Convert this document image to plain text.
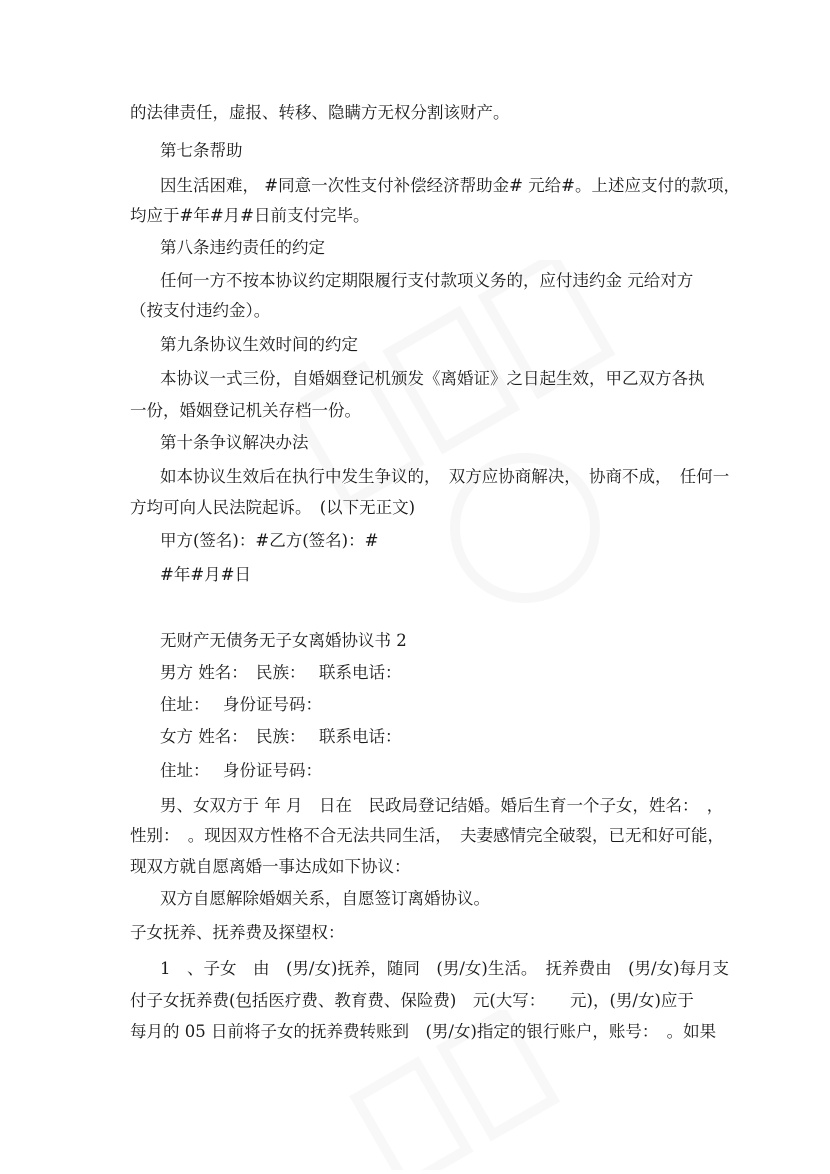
的法律责任，虚报、转移、隐瞒方无权分割该财产。
第七条帮助
因生活困难， #同意一次性支付补偿经济帮助金# 元给#。上述应支付的款项，
均应于#年#月#日前支付完毕。
第八条违约责任的约定
任何一方不按本协议约定期限履行支付款项义务的，应付违约金 元给对方
（按支付违约金）。
第九条协议生效时间的约定
本协议一式三份，自婚姻登记机颁发《离婚证》之日起生效，甲乙双方各执
一份，婚姻登记机关存档一份。
第十条争议解决办法
如本协议生效后在执行中发生争议的，　双方应协商解决，　协商不成，　任何一
方均可向人民法院起诉。　(以下无正文)
甲方(签名)：#乙方(签名)：#
#年#月#日
无财产无债务无子女离婚协议书 2
男方 姓名：　民族：　 联系电话：
住址：　 身份证号码：
女方 姓名：　民族：　 联系电话：
住址：　 身份证号码：
男、女双方于 年 月　日在　民政局登记结婚。婚后生育一个子女，姓名：　，
性别：　。现因双方性格不合无法共同生活，　夫妻感情完全破裂，已无和好可能，
现双方就自愿离婚一事达成如下协议：
双方自愿解除婚姻关系，自愿签订离婚协议。
子女抚养、抚养费及探望权：
1　、子女　由　(男/女)抚养，随同　(男/女)生活。　抚养费由　(男/女)每月支
付子女抚养费(包括医疗费、教育费、保险费)　元(大写：　　元)，(男/女)应于
每月的 05 日前将子女的抚养费转账到　(男/女)指定的银行账户，账号：　。如果
